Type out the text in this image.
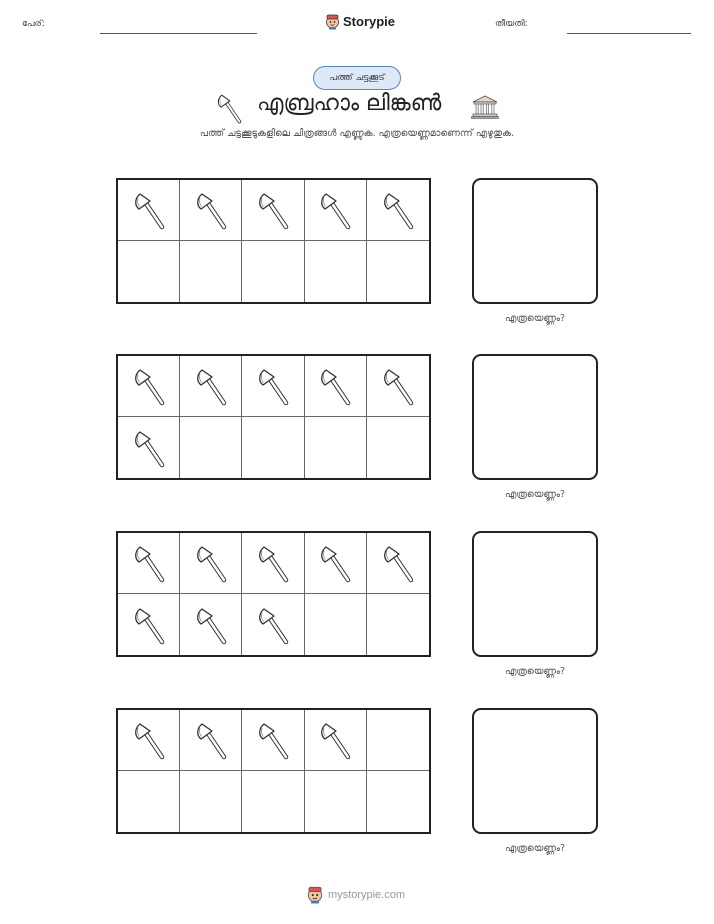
പേര്:	Storypie	തീയതി:
പത്ത് ചട്ടക്കൂട്
എബ്രഹാം ലിങ്കൺ
പത്ത് ചട്ടക്കൂടുകളിലെ ചിത്രങ്ങൾ എണ്ണുക. എത്രയെണ്ണമാണെന്ന് എഴുതുക.
എത്രയെണ്ണം?
എത്രയെണ്ണം?
എത്രയെണ്ണം?
എത്രയെണ്ണം?
mystorypie.com
